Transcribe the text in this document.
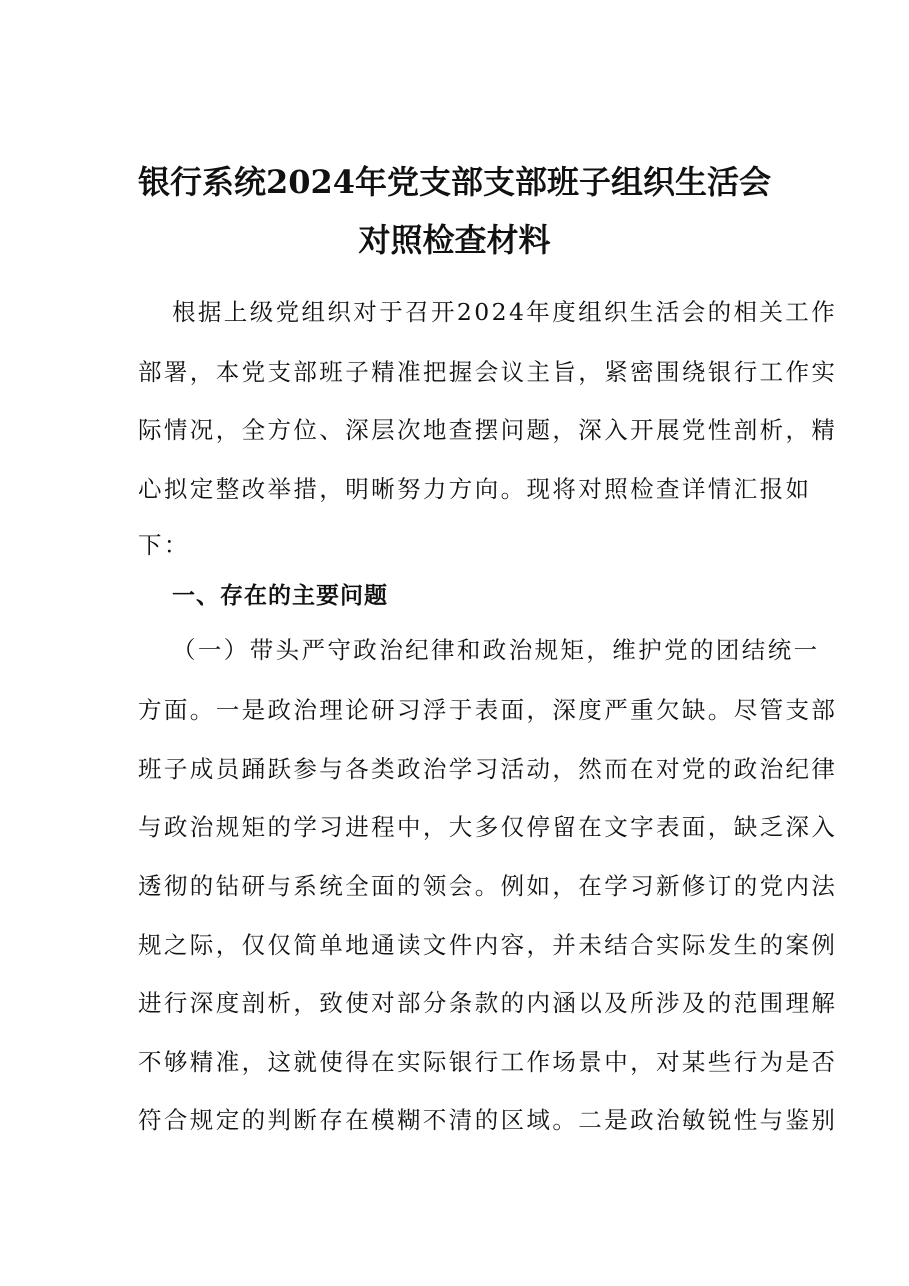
银行系统2024年党支部支部班子组织生活会
对照检查材料
根据上级党组织对于召开2024年度组织生活会的相关工作
部署，本党支部班子精准把握会议主旨，紧密围绕银行工作实
际情况，全方位、深层次地查摆问题，深入开展党性剖析，精
心拟定整改举措，明晰努力方向。现将对照检查详情汇报如
下：
一、存在的主要问题
（一）带头严守政治纪律和政治规矩，维护党的团结统一
方面。一是政治理论研习浮于表面，深度严重欠缺。尽管支部
班子成员踊跃参与各类政治学习活动，然而在对党的政治纪律
与政治规矩的学习进程中，大多仅停留在文字表面，缺乏深入
透彻的钻研与系统全面的领会。例如，在学习新修订的党内法
规之际，仅仅简单地通读文件内容，并未结合实际发生的案例
进行深度剖析，致使对部分条款的内涵以及所涉及的范围理解
不够精准，这就使得在实际银行工作场景中，对某些行为是否
符合规定的判断存在模糊不清的区域。二是政治敏锐性与鉴别
